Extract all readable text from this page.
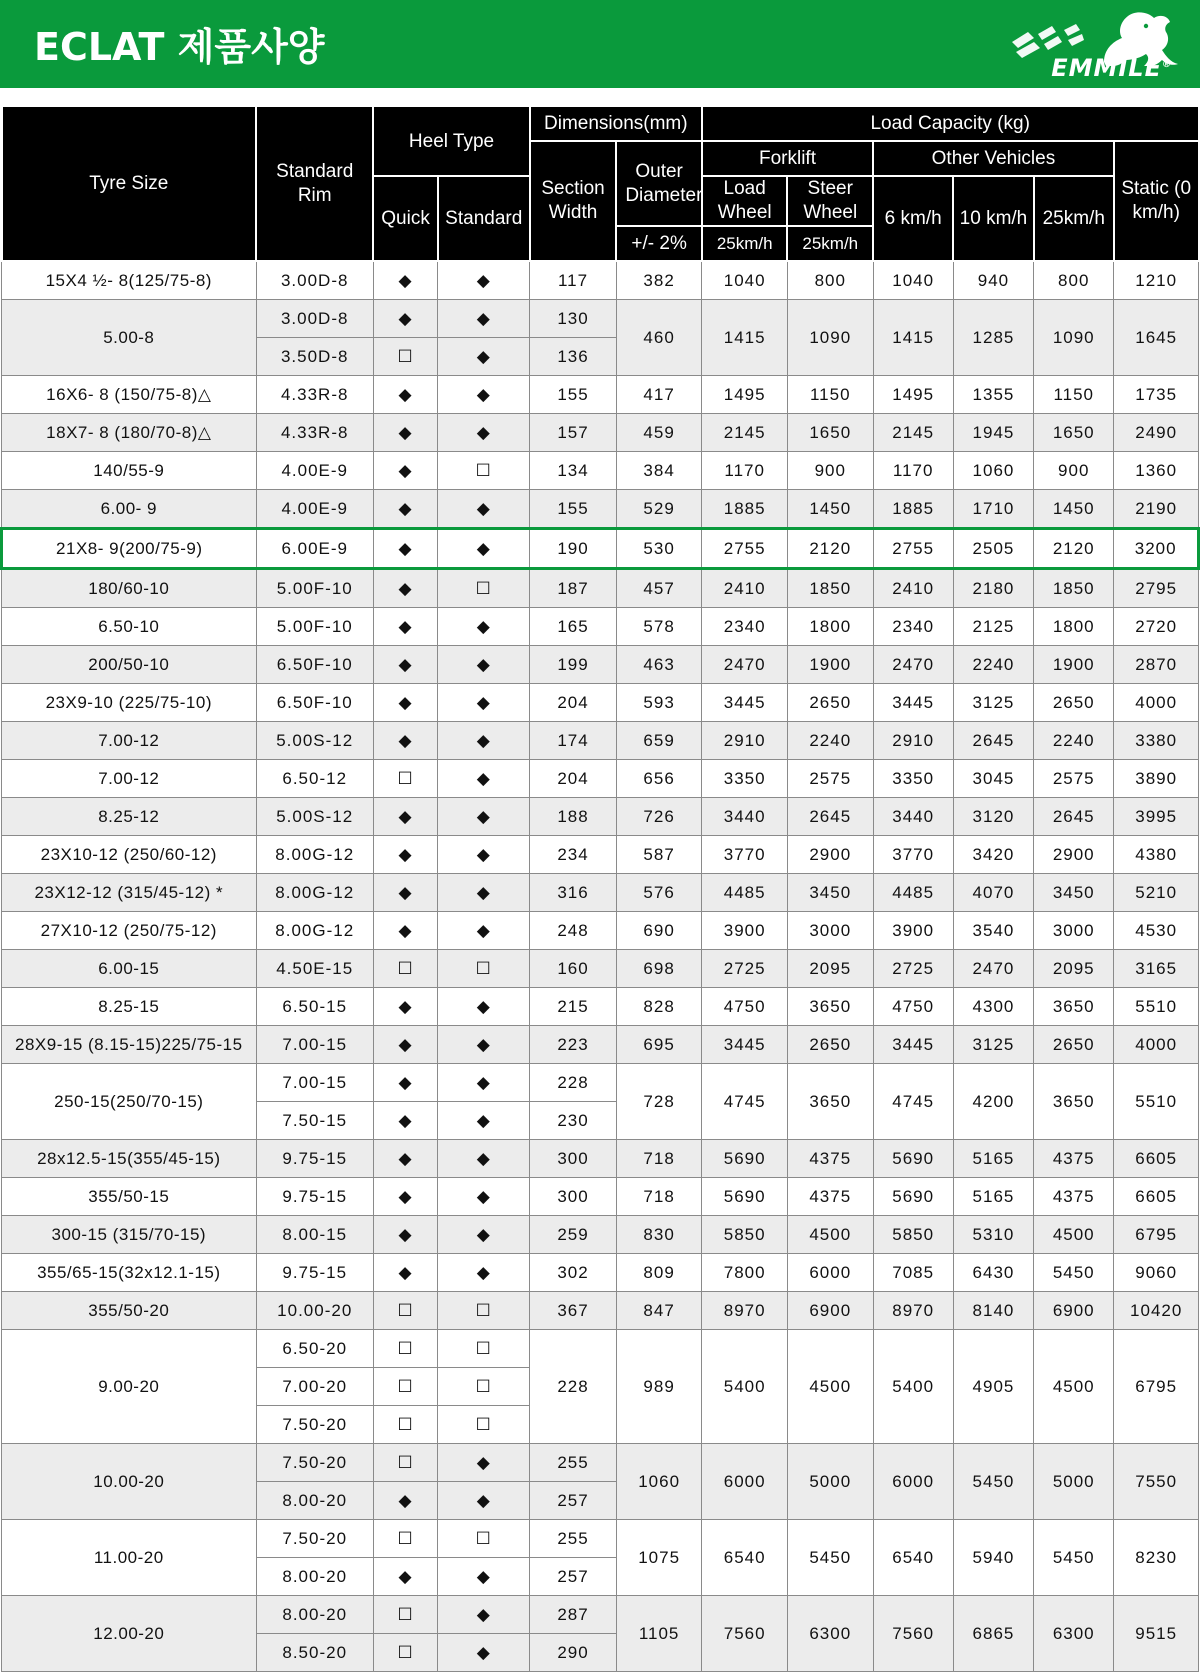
ECLAT 제품사양	EMMILE®
Tyre Size	Standard Rim	Heel Type		Dimensions(mm)		Load Capacity (kg)					
				Section Width	Outer Diameter	Forklift		Other Vehicles			Static (0 km/h)
		Quick	Standard			Load Wheel	Steer Wheel	6 km/h	10 km/h	25km/h	
					+/- 2%	25km/h	25km/h				
15X4 ½- 8(125/75-8)	3.00D-8	◆	◆	117	382	1040	800	1040	940	800	1210
5.00-8	3.00D-8	◆	◆	130	460	1415	1090	1415	1285	1090	1645
	3.50D-8	☐	◆	136							
16X6- 8 (150/75-8)△	4.33R-8	◆	◆	155	417	1495	1150	1495	1355	1150	1735
18X7- 8 (180/70-8)△	4.33R-8	◆	◆	157	459	2145	1650	2145	1945	1650	2490
140/55-9	4.00E-9	◆	☐	134	384	1170	900	1170	1060	900	1360
6.00- 9	4.00E-9	◆	◆	155	529	1885	1450	1885	1710	1450	2190
21X8- 9(200/75-9)	6.00E-9	◆	◆	190	530	2755	2120	2755	2505	2120	3200
180/60-10	5.00F-10	◆	☐	187	457	2410	1850	2410	2180	1850	2795
6.50-10	5.00F-10	◆	◆	165	578	2340	1800	2340	2125	1800	2720
200/50-10	6.50F-10	◆	◆	199	463	2470	1900	2470	2240	1900	2870
23X9-10 (225/75-10)	6.50F-10	◆	◆	204	593	3445	2650	3445	3125	2650	4000
7.00-12	5.00S-12	◆	◆	174	659	2910	2240	2910	2645	2240	3380
7.00-12	6.50-12	☐	◆	204	656	3350	2575	3350	3045	2575	3890
8.25-12	5.00S-12	◆	◆	188	726	3440	2645	3440	3120	2645	3995
23X10-12 (250/60-12)	8.00G-12	◆	◆	234	587	3770	2900	3770	3420	2900	4380
23X12-12 (315/45-12) *	8.00G-12	◆	◆	316	576	4485	3450	4485	4070	3450	5210
27X10-12 (250/75-12)	8.00G-12	◆	◆	248	690	3900	3000	3900	3540	3000	4530
6.00-15	4.50E-15	☐	☐	160	698	2725	2095	2725	2470	2095	3165
8.25-15	6.50-15	◆	◆	215	828	4750	3650	4750	4300	3650	5510
28X9-15 (8.15-15)225/75-15	7.00-15	◆	◆	223	695	3445	2650	3445	3125	2650	4000
250-15(250/70-15)	7.00-15	◆	◆	228	728	4745	3650	4745	4200	3650	5510
	7.50-15	◆	◆	230							
28x12.5-15(355/45-15)	9.75-15	◆	◆	300	718	5690	4375	5690	5165	4375	6605
355/50-15	9.75-15	◆	◆	300	718	5690	4375	5690	5165	4375	6605
300-15 (315/70-15)	8.00-15	◆	◆	259	830	5850	4500	5850	5310	4500	6795
355/65-15(32x12.1-15)	9.75-15	◆	◆	302	809	7800	6000	7085	6430	5450	9060
355/50-20	10.00-20	☐	☐	367	847	8970	6900	8970	8140	6900	10420
9.00-20	6.50-20	☐	☐	228	989	5400	4500	5400	4905	4500	6795
	7.00-20	☐	☐								
	7.50-20	☐	☐								
10.00-20	7.50-20	☐	◆	255	1060	6000	5000	6000	5450	5000	7550
	8.00-20	◆	◆	257							
11.00-20	7.50-20	☐	☐	255	1075	6540	5450	6540	5940	5450	8230
	8.00-20	◆	◆	257							
12.00-20	8.00-20	☐	◆	287	1105	7560	6300	7560	6865	6300	9515
	8.50-20	☐	◆	290							
